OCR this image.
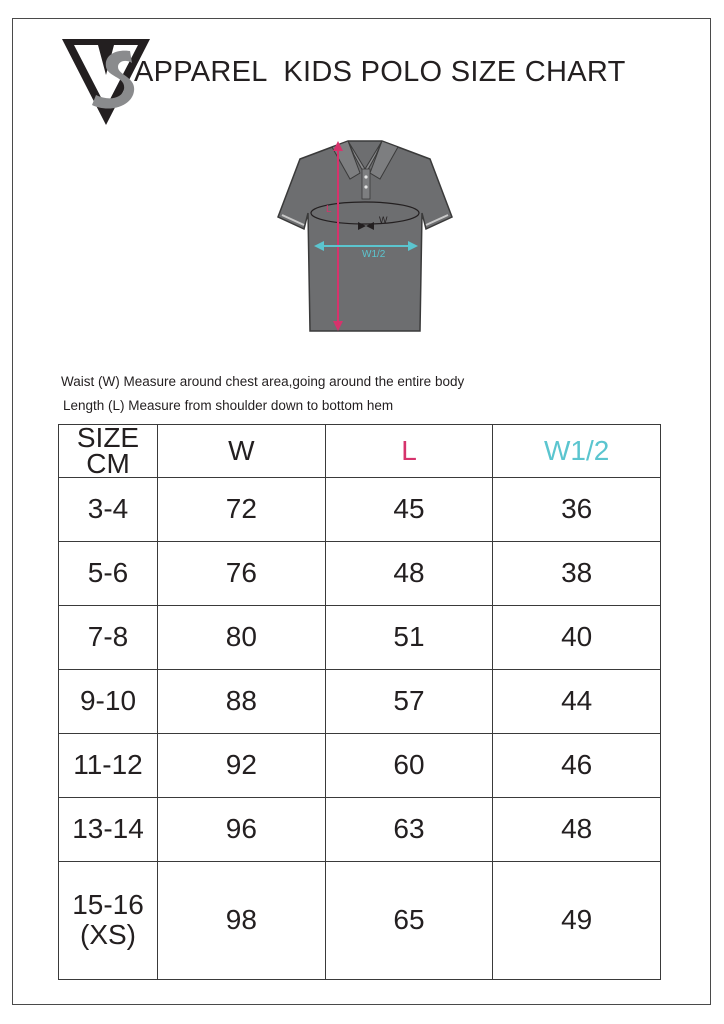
APPAREL  KIDS POLO SIZE CHART
L
W
W1/2
Waist (W) Measure around chest area,going around the entire body
Length (L) Measure from shoulder down to bottom hem
SIZE
CM	W	L	W1/2
3-4	72	45	36
5-6	76	48	38
7-8	80	51	40
9-10	88	57	44
11-12	92	60	46
13-14	96	63	48

15-16
(XS)	98	65	49
